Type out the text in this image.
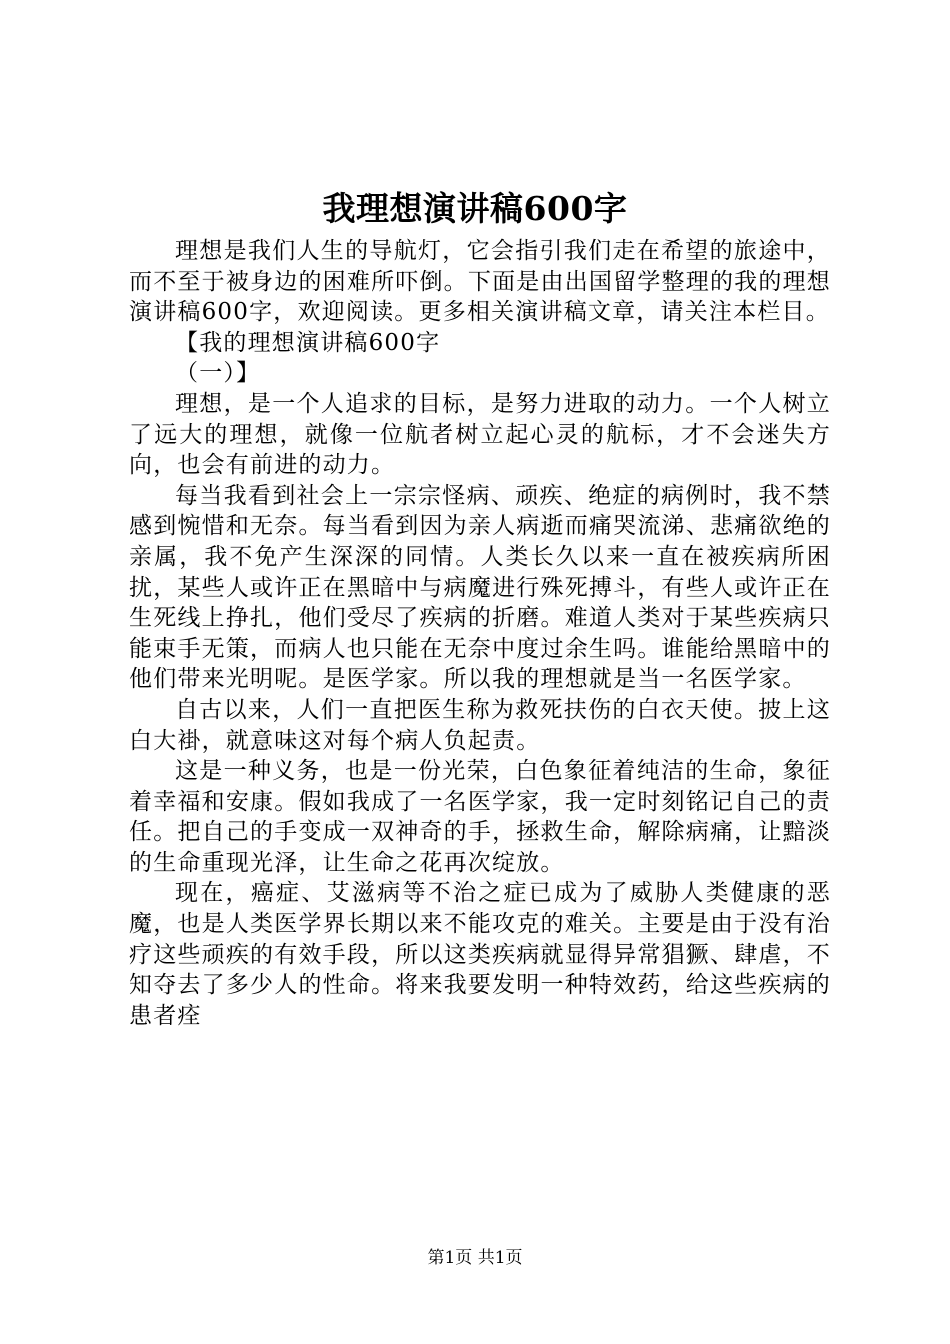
我理想演讲稿600字

理想是我们人生的导航灯，它会指引我们走在希望的旅途中，而不至于被身边的困难所吓倒。下面是由出国留学整理的我的理想演讲稿600字，欢迎阅读。更多相关演讲稿文章，请关注本栏目。

【我的理想演讲稿600字

（一）】

理想，是一个人追求的目标，是努力进取的动力。一个人树立了远大的理想，就像一位航者树立起心灵的航标，才不会迷失方向，也会有前进的动力。

每当我看到社会上一宗宗怪病、顽疾、绝症的病例时，我不禁感到惋惜和无奈。每当看到因为亲人病逝而痛哭流涕、悲痛欲绝的亲属，我不免产生深深的同情。人类长久以来一直在被疾病所困扰，某些人或许正在黑暗中与病魔进行殊死搏斗，有些人或许正在生死线上挣扎，他们受尽了疾病的折磨。难道人类对于某些疾病只能束手无策，而病人也只能在无奈中度过余生吗。谁能给黑暗中的他们带来光明呢。是医学家。所以我的理想就是当一名医学家。

自古以来，人们一直把医生称为救死扶伤的白衣天使。披上这白大褂，就意味这对每个病人负起责。

这是一种义务，也是一份光荣，白色象征着纯洁的生命，象征着幸福和安康。假如我成了一名医学家，我一定时刻铭记自己的责任。把自己的手变成一双神奇的手，拯救生命，解除病痛，让黯淡的生命重现光泽，让生命之花再次绽放。

现在，癌症、艾滋病等不治之症已成为了威胁人类健康的恶魔，也是人类医学界长期以来不能攻克的难关。主要是由于没有治疗这些顽疾的有效手段，所以这类疾病就显得异常猖獗、肆虐，不知夺去了多少人的性命。将来我要发明一种特效药，给这些疾病的患者痊

第1页 共1页
